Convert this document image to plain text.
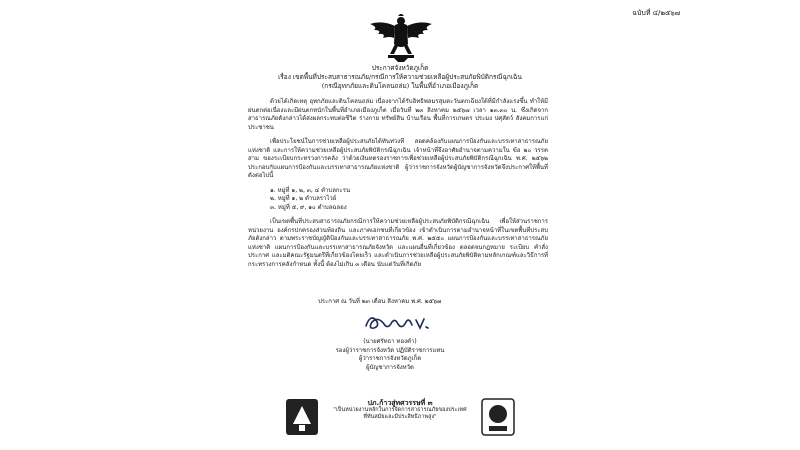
ฉบับที่ ๔/๒๕๖๗
ประกาศจังหวัดภูเก็ต
เรื่อง เขตพื้นที่ประสบสาธารณภัย/กรณีการให้ความช่วยเหลือผู้ประสบภัยพิบัติกรณีฉุกเฉิน
(กรณีอุทกภัยและดินโคลนถล่ม) ในพื้นที่อำเภอเมืองภูเก็ต

ด้วยได้เกิดเหตุ อุทกภัยและดินโคลนถล่ม เนื่องจากได้รับอิทธิพลมรสุมตะวันตกเฉียงใต้ที่มีกำลังแรงขึ้น ทำให้มีฝนตกต่อเนื่องและมีฝนตกหนักในพื้นที่อำเภอเมืองภูเก็ต เมื่อวันที่ ๒๓ สิงหาคม ๒๕๖๗ เวลา ๑๓.๓๐ น. ซึ่งเกิดจากสาธารณภัยดังกล่าวได้ส่งผลกระทบต่อชีวิต ร่างกาย ทรัพย์สิน บ้านเรือน พื้นที่การเกษตร ประมง ปศุสัตว์ สังคมการแก่ประชาชน

เพื่อประโยชน์ในการช่วยเหลือผู้ประสบภัยได้ทันท่วงที สอดคล้องกับแผนการป้องกันและบรรเทาสาธารณภัยแห่งชาติ และการให้ความช่วยเหลือผู้ประสบภัยพิบัติกรณีฉุกเฉิน เจ้าหน้าที่จึงอาศัยอำนาจตามความใน ข้อ ๒๐ วรรคสาม ของระเบียบกระทรวงการคลัง ว่าด้วยเงินทดรองราชการเพื่อช่วยเหลือผู้ประสบภัยพิบัติกรณีฉุกเฉิน พ.ศ. ๒๕๖๒ ประกอบกับแผนการป้องกันและบรรเทาสาธารณภัยแห่งชาติ ผู้ว่าราชการจังหวัดผู้บัญชาการจังหวัดจึงประกาศให้พื้นที่ดังต่อไปนี้

๑. หมู่ที่ ๑, ๒, ๓, ๔ ตำบลกะรน
๒. หมู่ที่ ๑, ๒ ตำบลราไวย์
๓. หมู่ที่ ๕, ๙, ๑๐ ตำบลฉลอง

เป็นเขตพื้นที่ประสบสาธารณภัยกรณีการให้ความช่วยเหลือผู้ประสบภัยพิบัติกรณีฉุกเฉิน เพื่อให้ส่วนราชการ หน่วยงาน องค์กรปกครองส่วนท้องถิ่น และภาคเอกชนที่เกี่ยวข้อง เข้าดำเนินการตามอำนาจหน้าที่ในเขตพื้นที่ประสบภัยดังกล่าว ตามพระราชบัญญัติป้องกันและบรรเทาสาธารณภัย พ.ศ. ๒๕๕๐ แผนการป้องกันและบรรเทาสาธารณภัยแห่งชาติ แผนการป้องกันและบรรเทาสาธารณภัยจังหวัด และแผนอื่นที่เกี่ยวข้อง ตลอดจนกฎหมาย ระเบียบ คำสั่ง ประกาศ และมติคณะรัฐมนตรีที่เกี่ยวข้องโดยเร็ว และดำเนินการช่วยเหลือผู้ประสบภัยพิบัติตามหลักเกณฑ์และวิธีการที่กระทรวงการคลังกำหนด ทั้งนี้ ต้องไม่เกิน ๓ เดือน นับแต่วันที่เกิดภัย

ประกาศ ณ วันที่ ๒๓ เดือน สิงหาคม พ.ศ. ๒๕๖๗
(นายศรัทธา ทองคำ)
รองผู้ว่าราชการจังหวัด ปฏิบัติราชการแทน
ผู้ว่าราชการจังหวัดภูเก็ต
ผู้บัญชาการจังหวัด
ปภ.ก้าวสู่ทศวรรษที่ ๓
"เป็นหน่วยงานหลักในการจัดการสาธารณภัยของประเทศ
ที่ทันสมัยและมีประสิทธิภาพสูง"
